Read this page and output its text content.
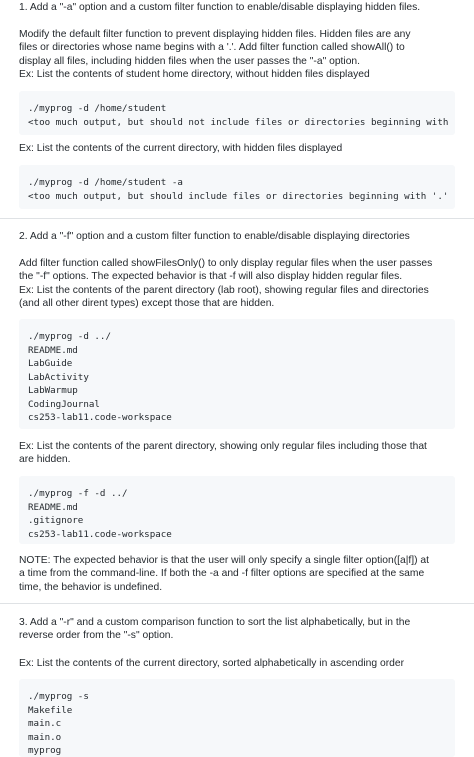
1. Add a "-a" option and a custom filter function to enable/disable displaying hidden files.

Modify the default filter function to prevent displaying hidden files. Hidden files are any
files or directories whose name begins with a '.'. Add filter function called showAll() to
display all files, including hidden files when the user passes the "-a" option.
Ex: List the contents of student home directory, without hidden files displayed

./myprog -d /home/student
<too much output, but should not include files or directories beginning with

Ex: List the contents of the current directory, with hidden files displayed

./myprog -d /home/student -a
<too much output, but should include files or directories beginning with '.'

2. Add a "-f" option and a custom filter function to enable/disable displaying directories

Add filter function called showFilesOnly() to only display regular files when the user passes
the "-f" options. The expected behavior is that -f will also display hidden regular files.
Ex: List the contents of the parent directory (lab root), showing regular files and directories
(and all other dirent types) except those that are hidden.

./myprog -d ../
README.md
LabGuide
LabActivity
LabWarmup
CodingJournal
cs253-lab11.code-workspace

Ex: List the contents of the parent directory, showing only regular files including those that
are hidden.

./myprog -f -d ../
README.md
.gitignore
cs253-lab11.code-workspace

NOTE: The expected behavior is that the user will only specify a single filter option([a|f]) at
a time from the command-line. If both the -a and -f filter options are specified at the same
time, the behavior is undefined.

3. Add a "-r" and a custom comparison function to sort the list alphabetically, but in the
reverse order from the "-s" option.

Ex: List the contents of the current directory, sorted alphabetically in ascending order

./myprog -s
Makefile
main.c
main.o
myprog
